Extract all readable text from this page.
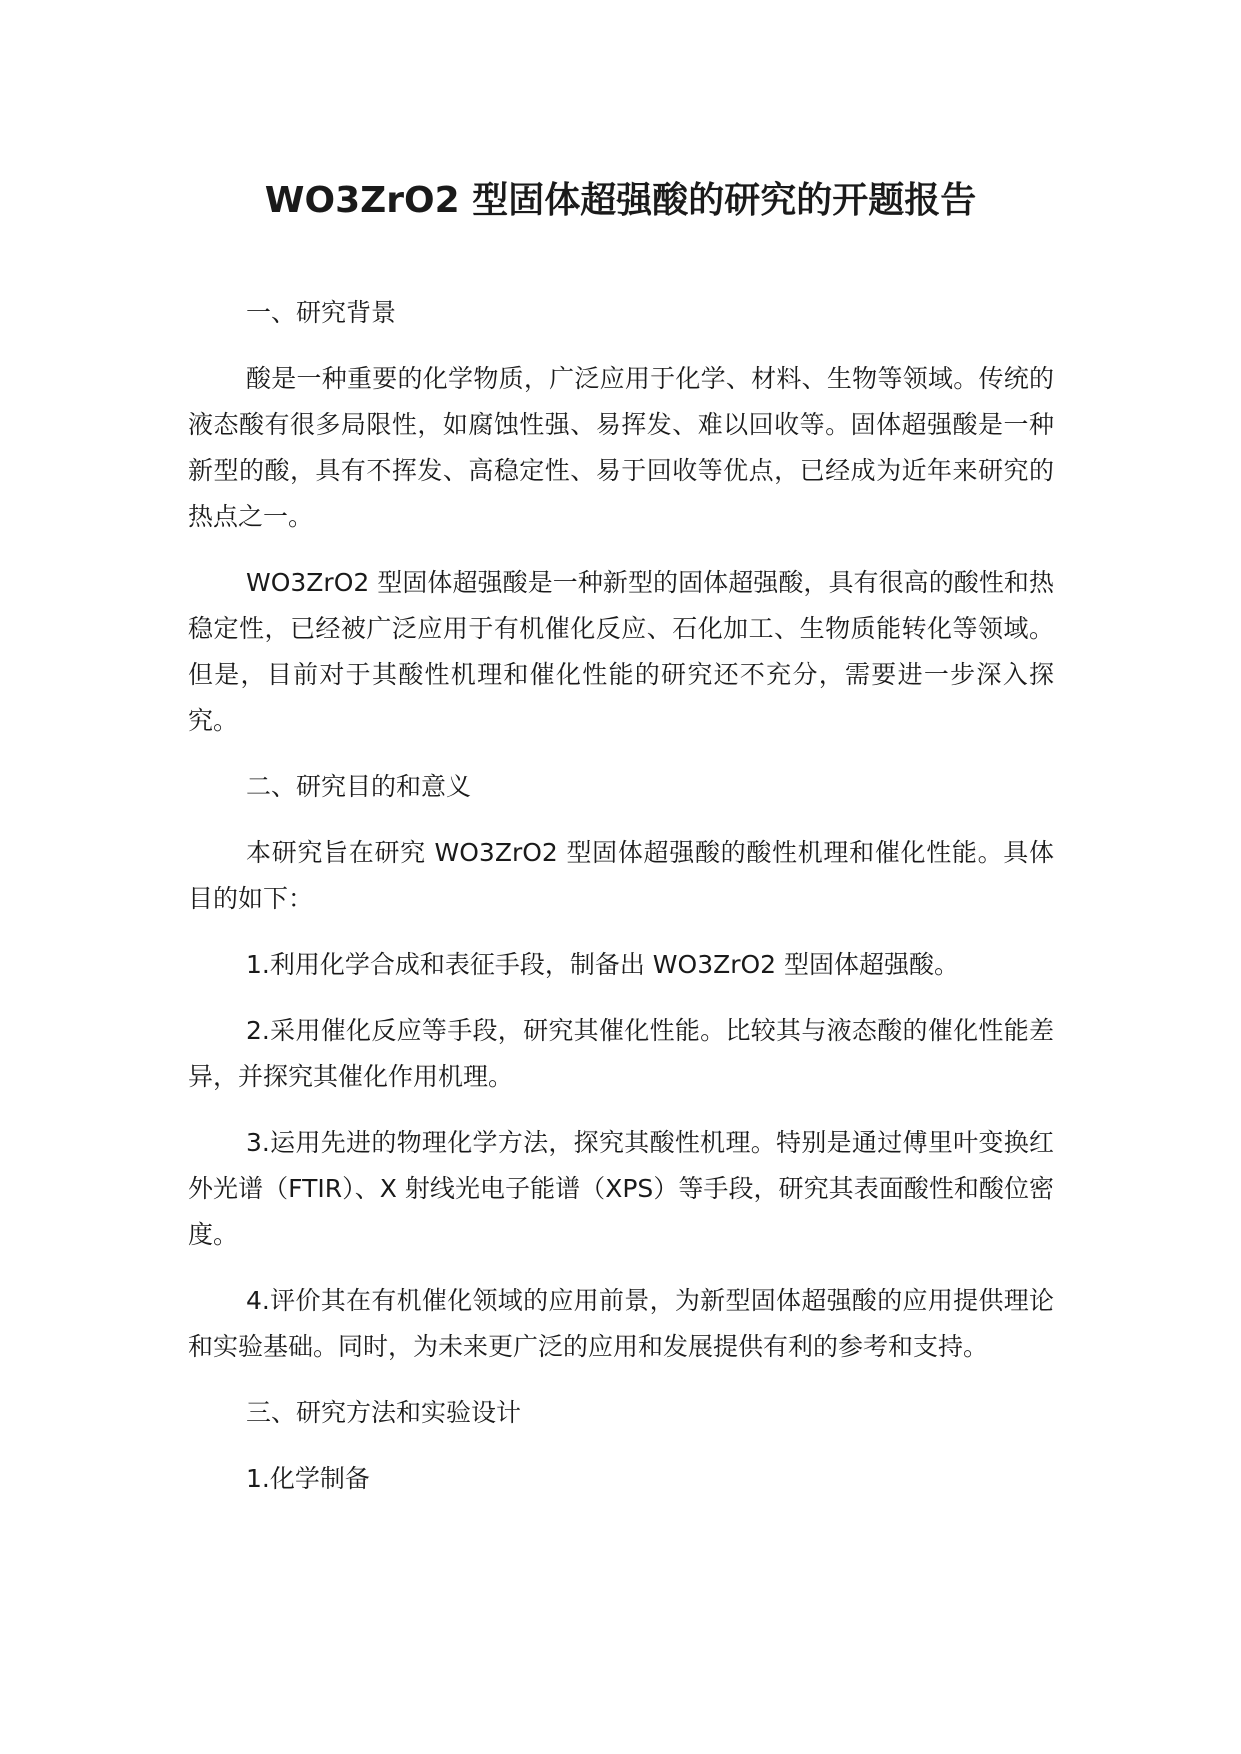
WO3ZrO2 型固体超强酸的研究的开题报告
一、研究背景

酸是一种重要的化学物质，广泛应用于化学、材料、生物等领域。传统的液态酸有很多局限性，如腐蚀性强、易挥发、难以回收等。固体超强酸是一种新型的酸，具有不挥发、高稳定性、易于回收等优点，已经成为近年来研究的热点之一。

WO3ZrO2 型固体超强酸是一种新型的固体超强酸，具有很高的酸性和热稳定性，已经被广泛应用于有机催化反应、石化加工、生物质能转化等领域。但是，目前对于其酸性机理和催化性能的研究还不充分，需要进一步深入探究。

二、研究目的和意义

本研究旨在研究 WO3ZrO2 型固体超强酸的酸性机理和催化性能。具体目的如下：

1.利用化学合成和表征手段，制备出 WO3ZrO2 型固体超强酸。

2.采用催化反应等手段，研究其催化性能。比较其与液态酸的催化性能差异，并探究其催化作用机理。

3.运用先进的物理化学方法，探究其酸性机理。特别是通过傅里叶变换红外光谱（FTIR）、X 射线光电子能谱（XPS）等手段，研究其表面酸性和酸位密度。

4.评价其在有机催化领域的应用前景，为新型固体超强酸的应用提供理论和实验基础。同时，为未来更广泛的应用和发展提供有利的参考和支持。

三、研究方法和实验设计
1.化学制备
